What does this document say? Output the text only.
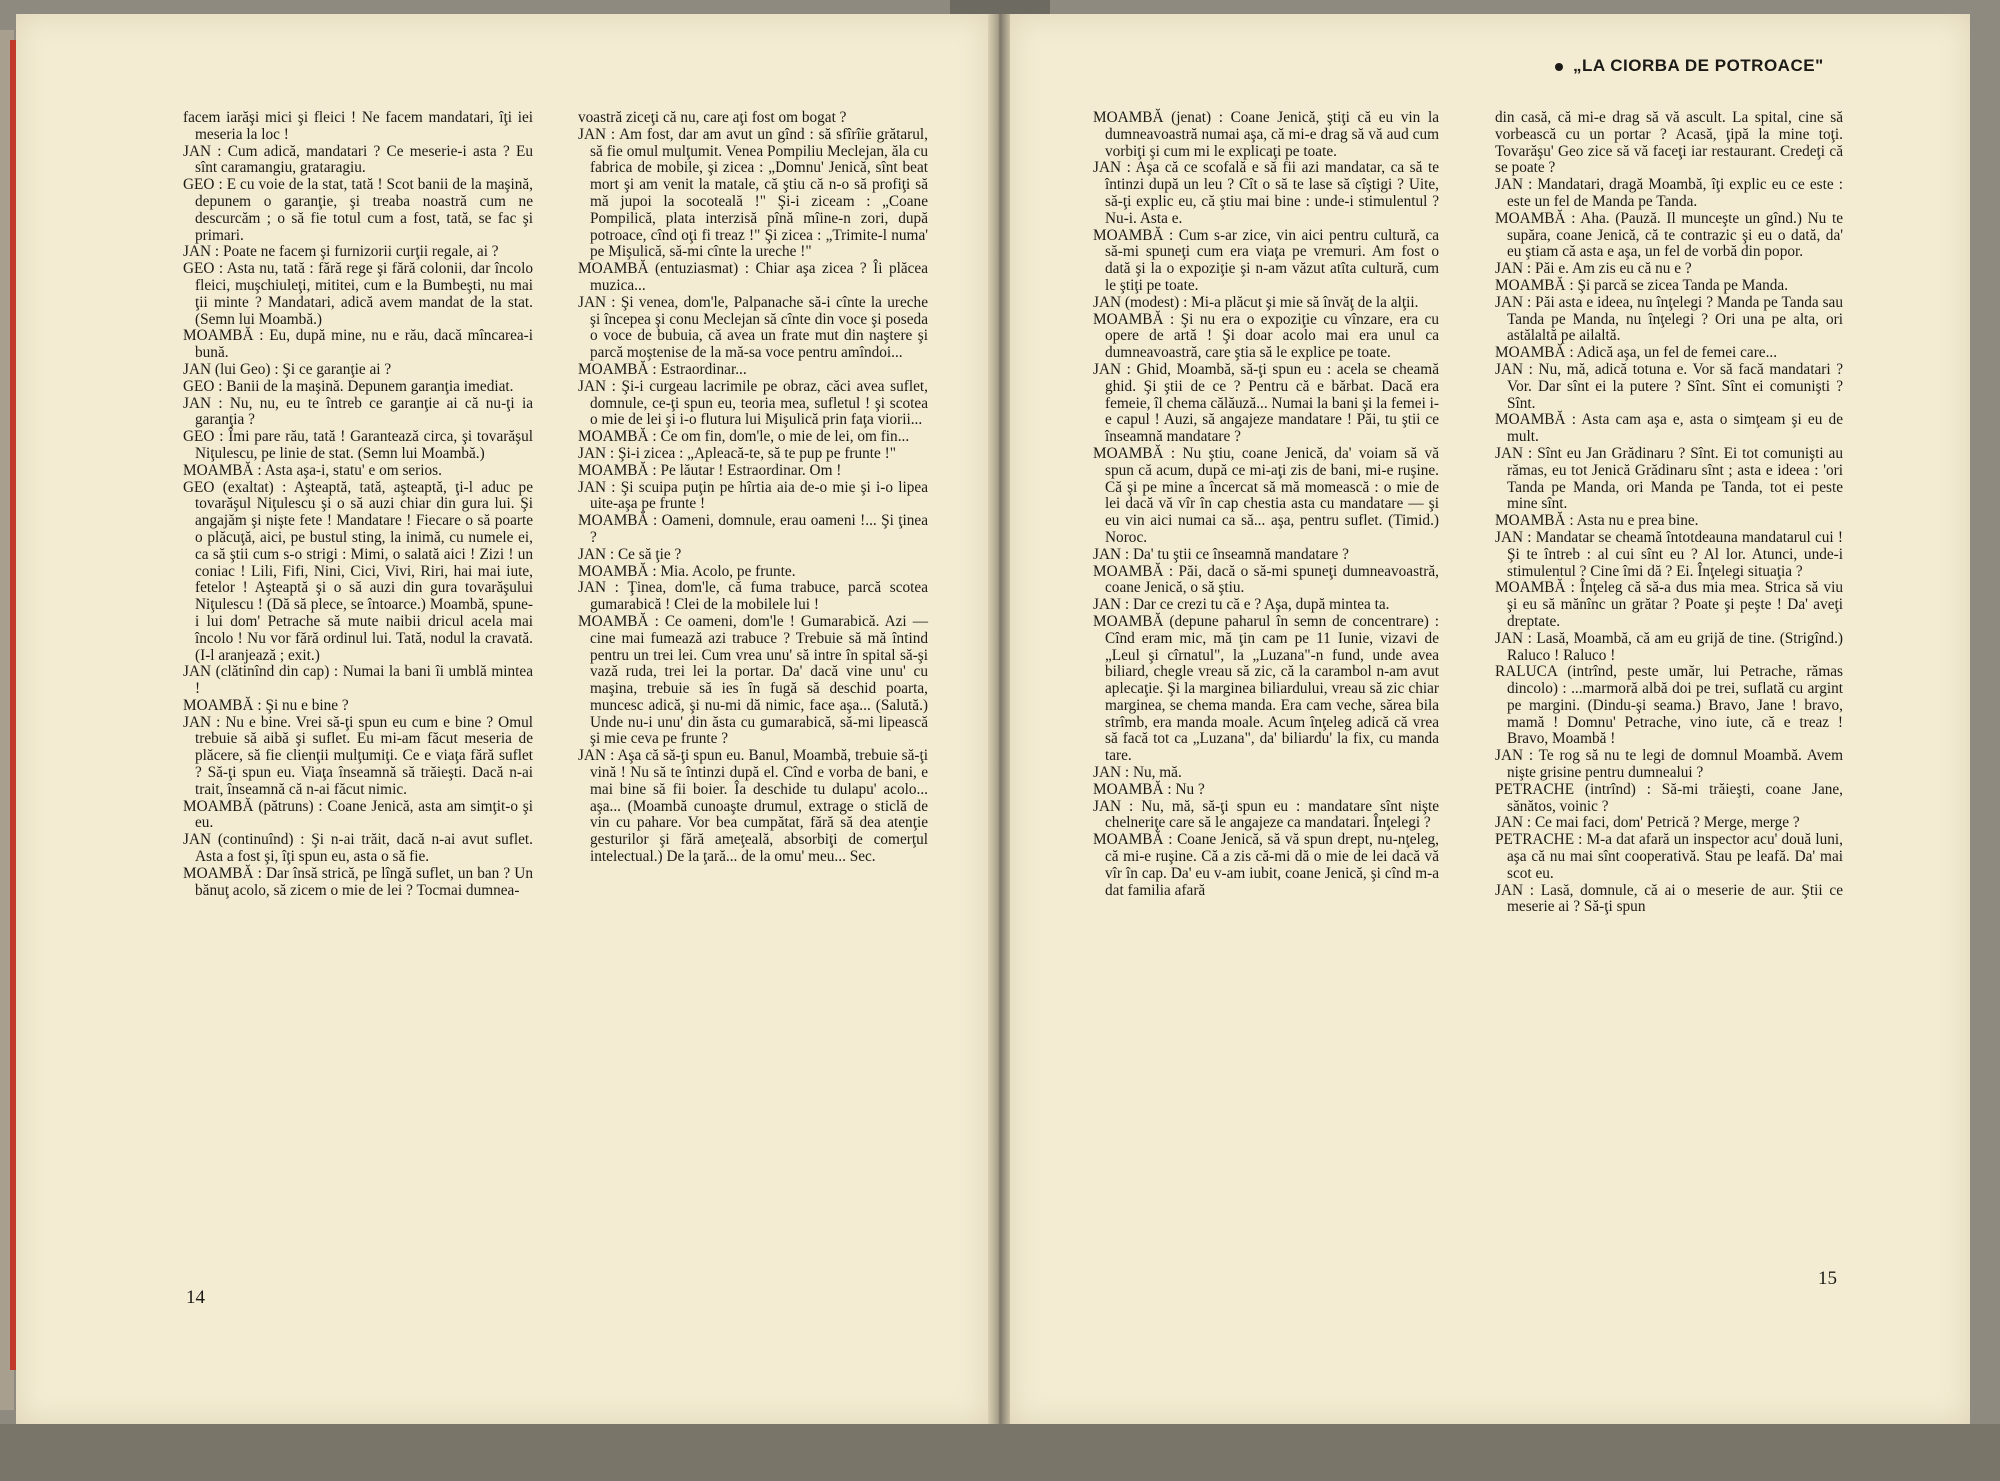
„LA CIORBA DE POTROACE"

facem iarăşi mici şi fleici ! Ne facem mandatari, îţi iei meseria la loc !

JAN : Cum adică, mandatari ? Ce meserie-i asta ? Eu sînt caramangiu, grataragiu.

GEO : E cu voie de la stat, tată ! Scot banii de la maşină, depunem o garanţie, şi treaba noastră cum ne descurcăm ; o să fie totul cum a fost, tată, se fac şi primari.

JAN : Poate ne facem şi furnizorii curţii regale, ai ?

GEO : Asta nu, tată : fără rege şi fără colonii, dar încolo fleici, muşchiuleţi, mititei, cum e la Bumbeşti, nu mai ţii minte ? Mandatari, adică avem mandat de la stat. (Semn lui Moambă.)

MOAMBĂ : Eu, după mine, nu e rău, dacă mîncarea-i bună.

JAN (lui Geo) : Şi ce garanţie ai ?

GEO : Banii de la maşină. Depunem garanţia imediat.

JAN : Nu, nu, eu te întreb ce garanţie ai că nu-ţi ia garanţia ?

GEO : Îmi pare rău, tată ! Garantează circa, şi tovarăşul Niţulescu, pe linie de stat. (Semn lui Moambă.)

MOAMBĂ : Asta aşa-i, statu' e om serios.

GEO (exaltat) : Aşteaptă, tată, aşteaptă, ţi-l aduc pe tovarăşul Niţulescu şi o să auzi chiar din gura lui. Şi angajăm şi nişte fete ! Mandatare ! Fiecare o să poarte o plăcuţă, aici, pe bustul sting, la inimă, cu numele ei, ca să ştii cum s-o strigi : Mimi, o salată aici ! Zizi ! un coniac ! Lili, Fifi, Nini, Cici, Vivi, Riri, hai mai iute, fetelor ! Aşteaptă şi o să auzi din gura tovarăşului Niţulescu ! (Dă să plece, se întoarce.) Moambă, spune-i lui dom' Petrache să mute naibii dricul acela mai încolo ! Nu vor fără ordinul lui. Tată, nodul la cravată. (I-l aranjează ; exit.)

JAN (clătinînd din cap) : Numai la bani îi umblă mintea !

MOAMBĂ : Şi nu e bine ?

JAN : Nu e bine. Vrei să-ţi spun eu cum e bine ? Omul trebuie să aibă şi suflet. Eu mi-am făcut meseria de plăcere, să fie clienţii mulţumiţi. Ce e viaţa fără suflet ? Să-ţi spun eu. Viaţa înseamnă să trăieşti. Dacă n-ai trait, înseamnă că n-ai făcut nimic.

MOAMBĂ (pătruns) : Coane Jenică, asta am simţit-o şi eu.

JAN (continuînd) : Şi n-ai trăit, dacă n-ai avut suflet. Asta a fost şi, îţi spun eu, asta o să fie.

MOAMBĂ : Dar însă strică, pe lîngă suflet, un ban ? Un bănuţ acolo, să zicem o mie de lei ? Tocmai dumnea-

voastră ziceţi că nu, care aţi fost om bogat ?

JAN : Am fost, dar am avut un gînd : să sfîrîie grătarul, să fie omul mulţumit. Venea Pompiliu Meclejan, ăla cu fabrica de mobile, şi zicea : „Domnu' Jenică, sînt beat mort şi am venit la matale, că ştiu că n-o să profiţi să mă jupoi la socoteală !" Şi-i ziceam : „Coane Pompilică, plata interzisă pînă mîine-n zori, după potroace, cînd oţi fi treaz !" Şi zicea : „Trimite-l numa' pe Mişulică, să-mi cînte la ureche !"

MOAMBĂ (entuziasmat) : Chiar aşa zicea ? Îi plăcea muzica...

JAN : Şi venea, dom'le, Palpanache să-i cînte la ureche şi începea şi conu Meclejan să cînte din voce şi poseda o voce de bubuia, că avea un frate mut din naştere şi parcă moştenise de la mă-sa voce pentru amîndoi...

MOAMBĂ : Estraordinar...

JAN : Şi-i curgeau lacrimile pe obraz, căci avea suflet, domnule, ce-ţi spun eu, teoria mea, sufletul ! şi scotea o mie de lei şi i-o flutura lui Mişulică prin faţa viorii...

MOAMBĂ : Ce om fin, dom'le, o mie de lei, om fin...

JAN : Şi-i zicea : „Apleacă-te, să te pup pe frunte !"

MOAMBĂ : Pe lăutar ! Estraordinar. Om !

JAN : Şi scuipa puţin pe hîrtia aia de-o mie şi i-o lipea uite-aşa pe frunte !

MOAMBĂ : Oameni, domnule, erau oameni !... Şi ţinea ?

JAN : Ce să ţie ?

MOAMBĂ : Mia. Acolo, pe frunte.

JAN : Ţinea, dom'le, că fuma trabuce, parcă scotea gumarabică ! Clei de la mobilele lui !

MOAMBĂ : Ce oameni, dom'le ! Gumarabică. Azi — cine mai fumează azi trabuce ? Trebuie să mă întind pentru un trei lei. Cum vrea unu' să intre în spital să-şi vază ruda, trei lei la portar. Da' dacă vine unu' cu maşina, trebuie să ies în fugă să deschid poarta, muncesc adică, şi nu-mi dă nimic, face aşa... (Salută.) Unde nu-i unu' din ăsta cu gumarabică, să-mi lipească şi mie ceva pe frunte ?

JAN : Aşa că să-ţi spun eu. Banul, Moambă, trebuie să-ţi vină ! Nu să te întinzi după el. Cînd e vorba de bani, e mai bine să fii boier. Îa deschide tu dulapu' acolo... aşa... (Moambă cunoaşte drumul, extrage o sticlă de vin cu pahare. Vor bea cumpătat, fără să dea atenţie gesturilor şi fără ameţeală, absorbiţi de comerţul intelectual.) De la ţară... de la omu' meu... Sec.

MOAMBĂ (jenat) : Coane Jenică, ştiţi că eu vin la dumneavoastră numai aşa, că mi-e drag să vă aud cum vorbiţi şi cum mi le explicaţi pe toate.

JAN : Aşa că ce scofală e să fii azi mandatar, ca să te întinzi după un leu ? Cît o să te lase să cîştigi ? Uite, să-ţi explic eu, că ştiu mai bine : unde-i stimulentul ? Nu-i. Asta e.

MOAMBĂ : Cum s-ar zice, vin aici pentru cultură, ca să-mi spuneţi cum era viaţa pe vremuri. Am fost o dată şi la o expoziţie şi n-am văzut atîta cultură, cum le ştiţi pe toate.

JAN (modest) : Mi-a plăcut şi mie să învăţ de la alţii.

MOAMBĂ : Şi nu era o expoziţie cu vînzare, era cu opere de artă ! Şi doar acolo mai era unul ca dumneavoastră, care ştia să le explice pe toate.

JAN : Ghid, Moambă, să-ţi spun eu : acela se cheamă ghid. Şi ştii de ce ? Pentru că e bărbat. Dacă era femeie, îl chema călăuză... Numai la bani şi la femei i-e capul ! Auzi, să angajeze mandatare ! Păi, tu ştii ce înseamnă mandatare ?

MOAMBĂ : Nu ştiu, coane Jenică, da' voiam să vă spun că acum, după ce mi-aţi zis de bani, mi-e ruşine. Că şi pe mine a încercat să mă momească : o mie de lei dacă vă vîr în cap chestia asta cu mandatare — şi eu vin aici numai ca să... aşa, pentru suflet. (Timid.) Noroc.

JAN : Da' tu ştii ce înseamnă mandatare ?

MOAMBĂ : Păi, dacă o să-mi spuneţi dumneavoastră, coane Jenică, o să ştiu.

JAN : Dar ce crezi tu că e ? Aşa, după mintea ta.

MOAMBĂ (depune paharul în semn de concentrare) : Cînd eram mic, mă ţin cam pe 11 Iunie, vizavi de „Leul şi cîrnatul", la „Luzana"-n fund, unde avea biliard, chegle vreau să zic, că la carambol n-am avut aplecaţie. Şi la marginea biliardului, vreau să zic chiar marginea, se chema manda. Era cam veche, sărea bila strîmb, era manda moale. Acum înţeleg adică că vrea să facă tot ca „Luzana", da' biliardu' la fix, cu manda tare.

JAN : Nu, mă.

MOAMBĂ : Nu ?

JAN : Nu, mă, să-ţi spun eu : mandatare sînt nişte chelneriţe care să le angajeze ca mandatari. Înţelegi ?

MOAMBĂ : Coane Jenică, să vă spun drept, nu-nţeleg, că mi-e ruşine. Că a zis că-mi dă o mie de lei dacă vă vîr în cap. Da' eu v-am iubit, coane Jenică, şi cînd m-a dat familia afară

din casă, că mi-e drag să vă ascult. La spital, cine să vorbească cu un portar ? Acasă, ţipă la mine toţi. Tovarăşu' Geo zice să vă faceţi iar restaurant. Credeţi că se poate ?

JAN : Mandatari, dragă Moambă, îţi explic eu ce este : este un fel de Manda pe Tanda.

MOAMBĂ : Aha. (Pauză. Il munceşte un gînd.) Nu te supăra, coane Jenică, că te contrazic şi eu o dată, da' eu ştiam că asta e aşa, un fel de vorbă din popor.

JAN : Păi e. Am zis eu că nu e ?

MOAMBĂ : Şi parcă se zicea Tanda pe Manda.

JAN : Păi asta e ideea, nu înţelegi ? Manda pe Tanda sau Tanda pe Manda, nu înţelegi ? Ori una pe alta, ori astălaltă pe ailaltă.

MOAMBĂ : Adică aşa, un fel de femei care...

JAN : Nu, mă, adică totuna e. Vor să facă mandatari ? Vor. Dar sînt ei la putere ? Sînt. Sînt ei comunişti ? Sînt.

MOAMBĂ : Asta cam aşa e, asta o simţeam şi eu de mult.

JAN : Sînt eu Jan Grădinaru ? Sînt. Ei tot comunişti au rămas, eu tot Jenică Grădinaru sînt ; asta e ideea : 'ori Tanda pe Manda, ori Manda pe Tanda, tot ei peste mine sînt.

MOAMBĂ : Asta nu e prea bine.

JAN : Mandatar se cheamă întotdeauna mandatarul cui ! Şi te întreb : al cui sînt eu ? Al lor. Atunci, unde-i stimulentul ? Cine îmi dă ? Ei. Înţelegi situaţia ?

MOAMBĂ : Înţeleg că să-a dus mia mea. Strica să viu şi eu să mănînc un grătar ? Poate şi peşte ! Da' aveţi dreptate.

JAN : Lasă, Moambă, că am eu grijă de tine. (Strigînd.) Raluco ! Raluco !

RALUCA (intrînd, peste umăr, lui Petrache, rămas dincolo) : ...marmoră albă doi pe trei, suflată cu argint pe margini. (Dindu-şi seama.) Bravo, Jane ! bravo, mamă ! Domnu' Petrache, vino iute, că e treaz ! Bravo, Moambă !

JAN : Te rog să nu te legi de domnul Moambă. Avem nişte grisine pentru dumnealui ?

PETRACHE (intrînd) : Să-mi trăieşti, coane Jane, sănătos, voinic ?

JAN : Ce mai faci, dom' Petrică ? Merge, merge ?

PETRACHE : M-a dat afară un inspector acu' două luni, aşa că nu mai sînt cooperativă. Stau pe leafă. Da' mai scot eu.

JAN : Lasă, domnule, că ai o meserie de aur. Ştii ce meserie ai ? Să-ţi spun

14
15
